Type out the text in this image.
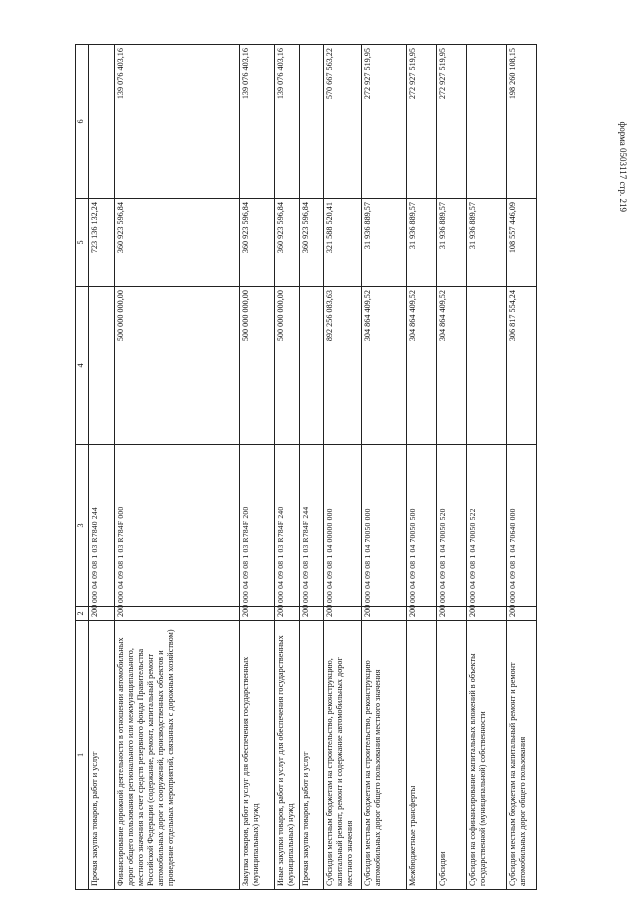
форма 0503117 стр. 219
1	2	3	4	5	6
Прочая закупка товаров, работ и услуг	200	000 04 09 08 1 03 R7840 244		723 136 132,24	
Финансирование дорожной деятельности в отношении автомобильных дорог общего пользования регионального или межмуниципального, местного значения за счет средств резервного фонда Правительства Российской Федерации (содержание, ремонт, капитальный ремонт автомобильных дорог и сооружений, производственных объектов и проведение отдельных мероприятий, связанных с дорожным хозяйством)	200	000 04 09 08 1 03 R784F 000	500 000 000,00	360 923 596,84	139 076 403,16
Закупка товаров, работ и услуг для обеспечения государственных (муниципальных) нужд	200	000 04 09 08 1 03 R784F 200	500 000 000,00	360 923 596,84	139 076 403,16
Иные закупки товаров, работ и услуг для обеспечения государственных (муниципальных) нужд	200	000 04 09 08 1 03 R784F 240	500 000 000,00	360 923 596,84	139 076 403,16
Прочая закупка товаров, работ и услуг	200	000 04 09 08 1 03 R784F 244		360 923 596,84	
Субсидии местным бюджетам на строительство, реконструкцию, капитальный ремонт, ремонт и содержание автомобильных дорог местного значения	200	000 04 09 08 1 04 00000 000	892 256 083,63	321 588 520,41	570 667 563,22
Субсидии местным бюджетам на строительство, реконструкцию автомобильных дорог общего пользования местного значения	200	000 04 09 08 1 04 70050 000	304 864 409,52	31 936 889,57	272 927 519,95
Межбюджетные трансферты	200	000 04 09 08 1 04 70050 500	304 864 409,52	31 936 889,57	272 927 519,95
Субсидии	200	000 04 09 08 1 04 70050 520	304 864 409,52	31 936 889,57	272 927 519,95
Субсидии на софинансирование капитальных вложений в объекты государственной (муниципальной) собственности	200	000 04 09 08 1 04 70050 522		31 936 889,57	
Субсидии местным бюджетам на капитальный ремонт и ремонт автомобильных дорог общего пользования	200	000 04 09 08 1 04 70640 000	306 817 554,24	108 557 446,09	198 260 108,15
